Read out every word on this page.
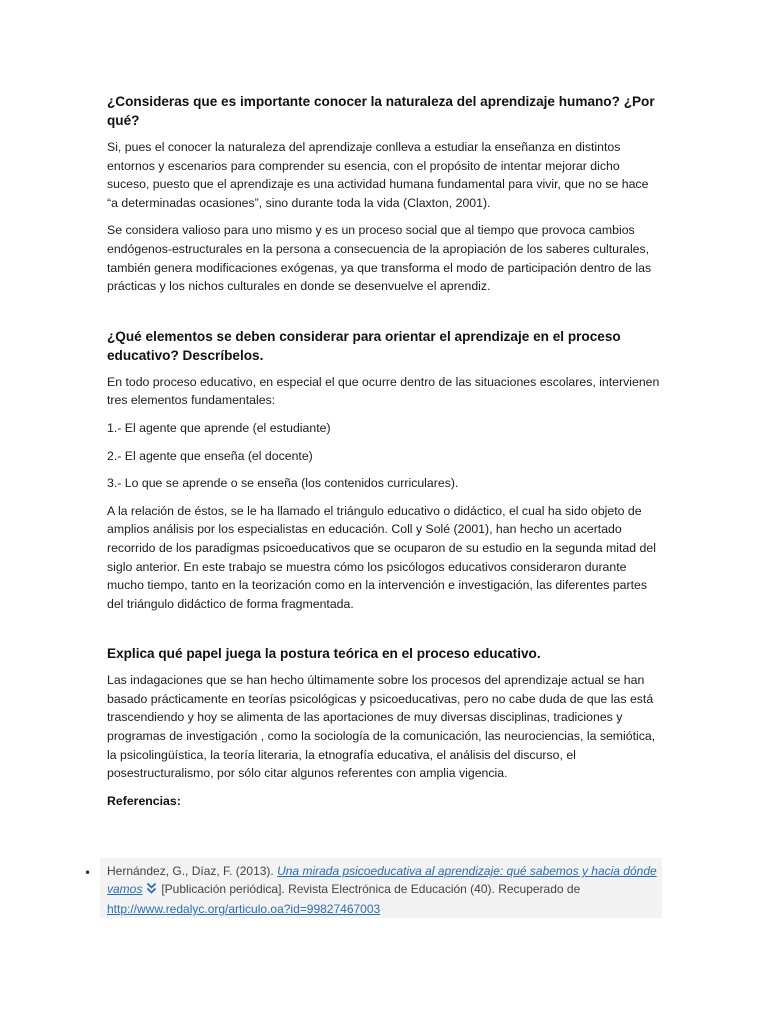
¿Consideras que es importante conocer la naturaleza del aprendizaje humano? ¿Por qué?
Si, pues el conocer la naturaleza del aprendizaje conlleva a estudiar la enseñanza en distintos entornos y escenarios para comprender su esencia, con el propósito de intentar mejorar dicho suceso, puesto que el aprendizaje es una actividad humana fundamental para vivir, que no se hace “a determinadas ocasiones”, sino durante toda la vida (Claxton, 2001).
Se considera valioso para uno mismo y es un proceso social que al tiempo que provoca cambios endógenos-estructurales en la persona a consecuencia de la apropiación de los saberes culturales, también genera modificaciones exógenas, ya que transforma el modo de participación dentro de las prácticas y los nichos culturales en donde se desenvuelve el aprendiz.
¿Qué elementos se deben considerar para orientar el aprendizaje en el proceso educativo? Descríbelos.
En todo proceso educativo, en especial el que ocurre dentro de las situaciones escolares, intervienen tres elementos fundamentales:
1.- El agente que aprende (el estudiante)
2.- El agente que enseña (el docente)
3.- Lo que se aprende o se enseña (los contenidos curriculares).
A la relación de éstos, se le ha llamado el triángulo educativo o didáctico, el cual ha sido objeto de amplios análisis por los especialistas en educación. Coll y Solé (2001), han hecho un acertado recorrido de los paradigmas psicoeducativos que se ocuparon de su estudio en la segunda mitad del siglo anterior. En este trabajo se muestra cómo los psicólogos educativos consideraron durante mucho tiempo, tanto en la teorización como en la intervención e investigación, las diferentes partes del triángulo didáctico de forma fragmentada.
Explica qué papel juega la postura teórica en el proceso educativo.
Las indagaciones que se han hecho últimamente sobre los procesos del aprendizaje actual se han basado prácticamente en teorías psicológicas y psicoeducativas, pero no cabe duda de que las está trascendiendo y hoy se alimenta de las aportaciones de muy diversas disciplinas, tradiciones y programas de investigación , como la sociología de la comunicación, las neurociencias, la semiótica, la psicolingüística, la teoría literaria, la etnografía educativa, el análisis del discurso, el posestructuralismo, por sólo citar algunos referentes con amplia vigencia.
Referencias:
• Hernández, G., Díaz, F. (2013). Una mirada psicoeducativa al aprendizaje: qué sabemos y hacia dónde vamos [Publicación periódica]. Revista Electrónica de Educación (40). Recuperado de
http://www.redalyc.org/articulo.oa?id=99827467003
